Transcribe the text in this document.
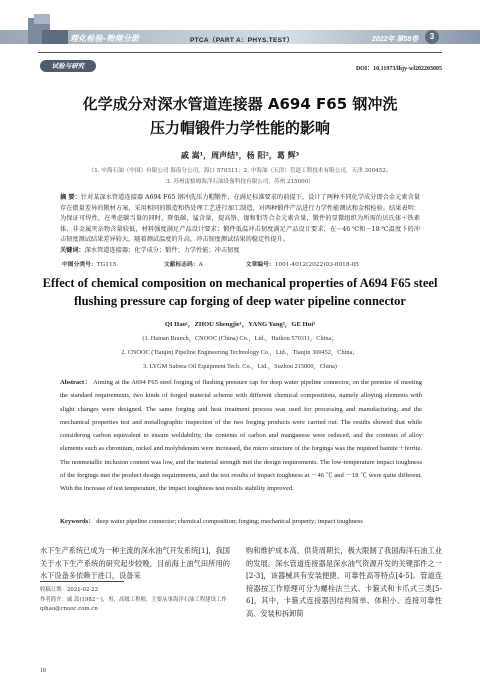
理化检验-物理分册	PTCA（PART A：PHYS.TEST）	2022年 第58卷	3
试验与研究	DOI：10.11973/lhjy-wl202203005
化学成分对深水管道连接器 A694 F65 钢冲洗
压力帽锻件力学性能的影响
戚 嵩¹，周声结¹，杨 阳²，葛 辉³
（1. 中海石油（中国）有限公司 海南分公司，海口 570311；2. 中海油（天津）管道工程技术有限公司，天津 300452；
3. 苏州雷格姆海洋石油设备科技有限公司，苏州 215000）
摘 要：针对某深水管道连接器 A694 F65 钢冲洗压力帽锻件，在满足标准要求的前提下，设计了两种不同化学成分即合金元素含量存在微量差异的锻材方案，采用相同的锻造和热处理工艺进行加工制造，对两种锻件产品进行力学性能测试和金相检验。结果表明：为保证可焊性，在考虑碳当量的同时，降低碳、锰含量，提高铬、镍和钼等合金元素含量，锻件的显微组织为所需的贝氏体＋铁素体，非金属夹杂物含量较低，材料强度满足产品设计要求；锻件低温冲击韧度满足产品设计要求，在－46 ℃和－18 ℃温度下的冲击韧度测试结果差异较大，随着测试温度的升高，冲击韧度测试结果的稳定性提升。
关键词：深水管道连接器；化学成分；锻件；力学性能；冲击韧度
中图分类号：TG115	文献标志码：A	文章编号：1001-4012(2022)03-0018-05
Effect of chemical composition on mechanical properties of A694 F65 steel
flushing pressure cap forging of deep water pipeline connector
QI Hao¹，ZHOU Shengjie¹，YANG Yang²，GE Hui³
(1. Hainan Branch，CNOOC (China) Co.，Ltd.，Haikou 570311，China；
2. CNOOC (Tianjin) Pipeline Engineering Technology Co.，Ltd.，Tianjin 300452，China；
3. LYGM Subsea Oil Equipment Tech. Co.，Ltd.，Suzhou 215000，China)
Abstract： Aiming at the A694 F65 steel forging of flushing pressure cap for deep water pipeline connector, on the premise of meeting the standard requirements, two kinds of forged material scheme with different chemical compositions, namely alloying elements with slight changes were designed. The same forging and heat treatment process was used for processing and manufacturing, and the mechanical properties test and metallographic inspection of the two forging products were carried out. The results showed that while considering carbon equivalent to ensure weldability, the contents of carbon and manganese were reduced, and the contents of alloy elements such as chromium, nickel and molybdenum were increased, the micro structure of the forgings was the required bainite＋ferrite. The nonmetallic inclusion content was low, and the material strength met the design requirements. The low-temperature impact toughness of the forgings met the product design requirements, and the test results of impact toughness at －46 ℃ and －18 ℃ were quite different. With the increase of test temperature, the impact toughness test results stability improved.
Keywords： deep water pipeline connector; chemical composition; forging; mechanical property; impact toughness
水下生产系统已成为一种主流的深水油气开发系统[1]，我国关于水下生产系统的研究起步较晚，目前海上油气田所用的水下设备多依赖于进口，设备采
购和维护成本高，供货周期长，极大限制了我国海洋石油工业的发展。深水管道连接器是深水油气资源开发的关键部件之一[2-3]，该器械具有安装便捷、可靠性高等特点[4-5]。管道连接器按工作原理可分为螺栓法兰式、卡箍式和卡爪式三类[5-6]，其中，卡箍式连接器因结构简单、体积小、连接可靠性高、安装和拆卸简
收稿日期：2021-02-22
作者简介：戚 嵩(1982－)，男，高级工程师，主要从事海洋石油工程建设工作 qihao@cnooc.com.cn
18
